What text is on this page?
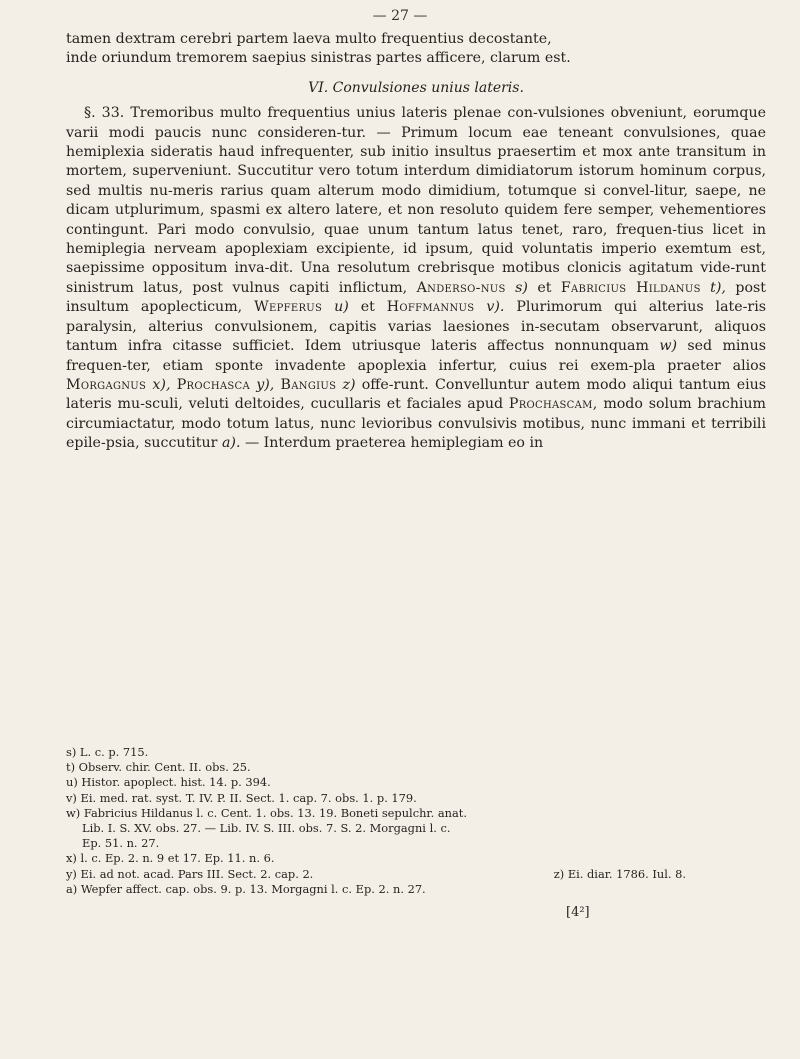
— 27 —

tamen dextram cerebri partem laeva multo frequentius decostante,

inde oriundum tremorem saepius sinistras partes afficere, clarum est.

VI. Convulsiones unius lateris.

§. 33. Tremoribus multo frequentius unius lateris plenae con-vulsiones obveniunt, eorumque varii modi paucis nunc consideren-tur. — Primum locum eae teneant convulsiones, quae hemiplexia sideratis haud infrequenter, sub initio insultus praesertim et mox ante transitum in mortem, superveniunt. Succutitur vero totum interdum dimidiatorum istorum hominum corpus, sed multis nu-meris rarius quam alterum modo dimidium, totumque si convel-litur, saepe, ne dicam utplurimum, spasmi ex altero latere, et non resoluto quidem fere semper, vehementiores contingunt. Pari modo convulsio, quae unum tantum latus tenet, raro, frequen-tius licet in hemiplegia nerveam apoplexiam excipiente, id ipsum, quid voluntatis imperio exemtum est, saepissime oppositum inva-dit. Una resolutum crebrisque motibus clonicis agitatum vide-runt sinistrum latus, post vulnus capiti inflictum, Anderso-nus s) et Fabricius Hildanus t), post insultum apoplecticum, Wepferus u) et Hoffmannus v). Plurimorum qui alterius late-ris paralysin, alterius convulsionem, capitis varias laesiones in-secutam observarunt, aliquos tantum infra citasse sufficiet. Idem utriusque lateris affectus nonnunquam w) sed minus frequen-ter, etiam sponte invadente apoplexia infertur, cuius rei exem-pla praeter alios Morgagnus x), Prochasca y), Bangius z) offe-runt. Convelluntur autem modo aliqui tantum eius lateris mu-sculi, veluti deltoides, cucullaris et faciales apud Prochascam, modo solum brachium circumiactatur, modo totum latus, nunc levioribus convulsivis motibus, nunc immani et terribili epile-psia, succutitur a). — Interdum praeterea hemiplegiam eo in

s) L. c. p. 715.

t) Observ. chir. Cent. II. obs. 25.

u) Histor. apoplect. hist. 14. p. 394.

v) Ei. med. rat. syst. T. IV. P. II. Sect. 1. cap. 7. obs. 1. p. 179.

w) Fabricius Hildanus l. c. Cent. 1. obs. 13. 19. Boneti sepulchr. anat.

Lib. I. S. XV. obs. 27. — Lib. IV. S. III. obs. 7. S. 2. Morgagni l. c.

Ep. 51. n. 27.

x) l. c. Ep. 2. n. 9 et 17. Ep. 11. n. 6.

y) Ei. ad not. acad. Pars III. Sect. 2. cap. 2.	z) Ei. diar. 1786. Iul. 8.

a) Wepfer affect. cap. obs. 9. p. 13. Morgagni l. c. Ep. 2. n. 27.

[4²]
